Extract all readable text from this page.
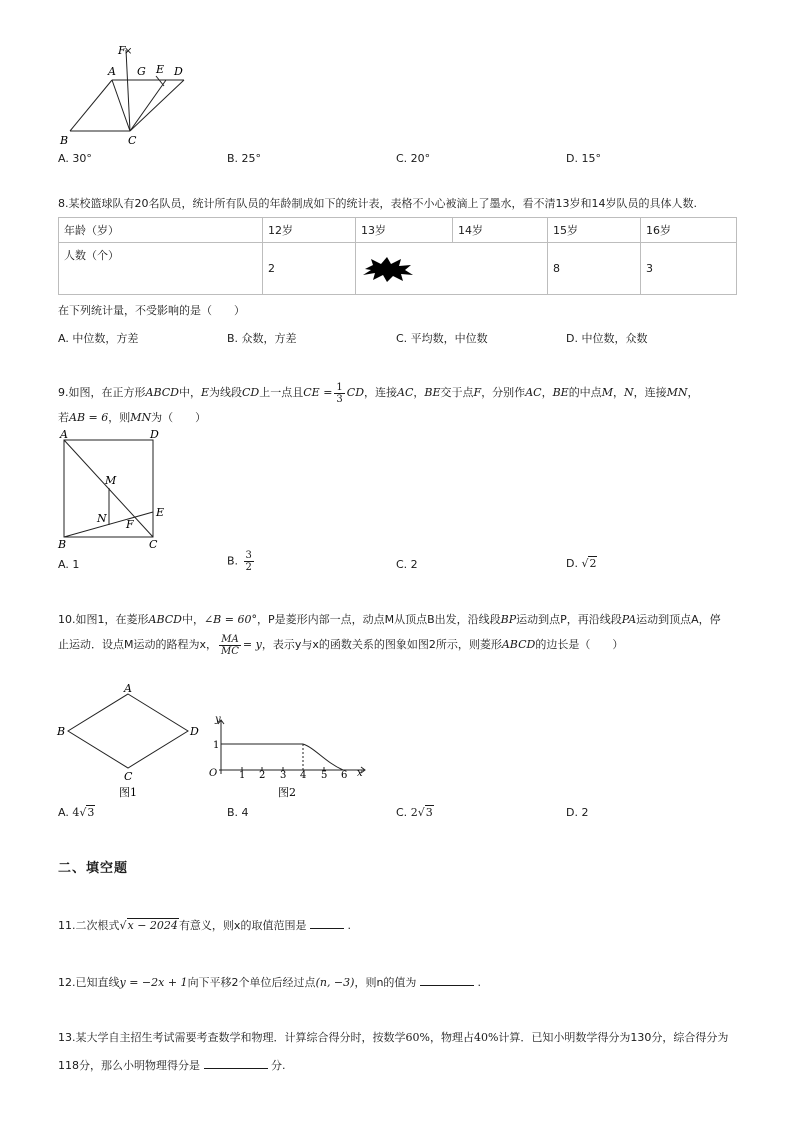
F
×
A G E D
B	C
A. 30°	B. 25°	C. 20°	D. 15°
8.某校篮球队有20名队员，统计所有队员的年龄制成如下的统计表，表格不小心被滴上了墨水，看不清13岁和14岁队员的具体人数.
年龄（岁）	12岁	13岁	14岁	15岁	16岁
人数（个）	2			8	3
在下列统计量，不受影响的是（　　）
A. 中位数，方差	B. 众数，方差	C. 平均数，中位数	D. 中位数，众数
9.如图，在正方形ABCD中，E为线段CD上一点且CE = $\frac{1}{3}$ CD，连接AC，BE交于点F，分别作AC，BE的中点M，N，连接MN，
若AB = 6，则MN为（　　）
A	D
M
N F
E
B	C
A. 1	B. $\frac{3}{2}$	C. 2	D. √2
10.如图1，在菱形ABCD中，∠B = 60°，P是菱形内部一点，动点M从顶点B出发，沿线段BP运动到点P，再沿线段PA运动到顶点A，停
止运动．设点M运动的路程为x， $\frac{MA}{MC} = y$，表示y与x的函数关系的图象如图2所示，则菱形ABCD的边长是（　　）
A
B	D
C
图1
y
1
O 1 2 3 4 5 6 x
图2
A. 4√3	B. 4	C. 2√3	D. 2
二、填空题
11.二次根式√x − 2024有意义，则x的取值范围是	.
12.已知直线y = −2x + 1向下平移2个单位后经过点(n, −3)，则n的值为	.
13.某大学自主招生考试需要考查数学和物理．计算综合得分时，按数学60%，物理占40%计算．已知小明数学得分为130分，综合得分为
118分，那么小明物理得分是	分.
